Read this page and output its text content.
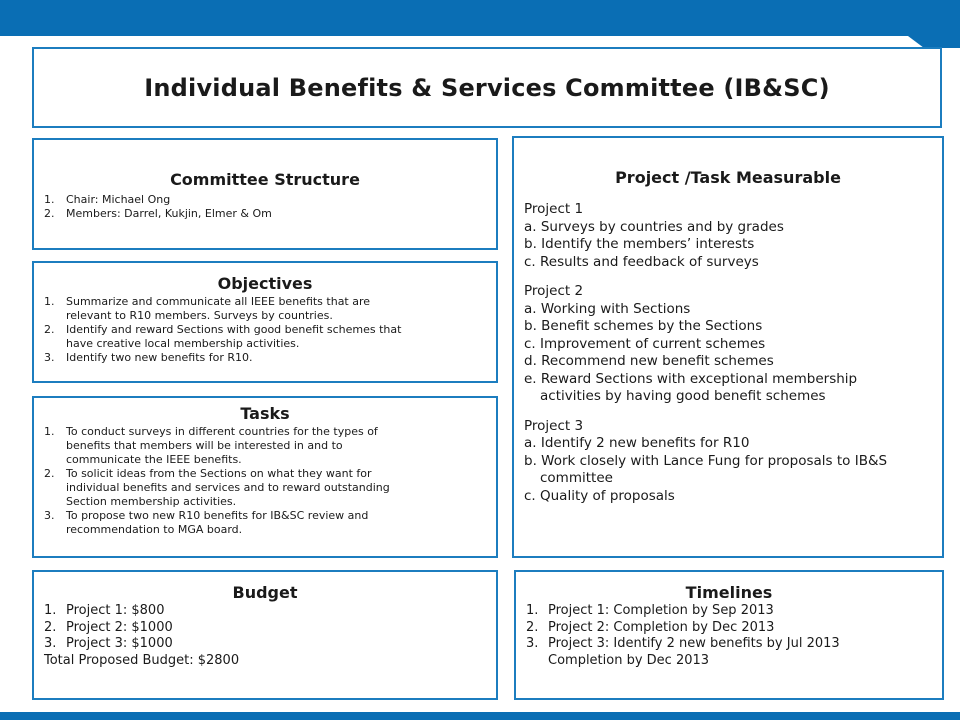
Individual Benefits & Services Committee (IB&SC)

Committee Structure

1.	Chair: Michael Ong
2.	Members: Darrel, Kukjin, Elmer & Om

Objectives

1.	Summarize and communicate all IEEE benefits that are
relevant to R10 members. Surveys by countries.
2.	Identify and reward Sections with good benefit schemes that
have creative local membership activities.
3.	Identify two new benefits for R10.

Tasks

1.	To conduct surveys in different countries for the types of
benefits that members will be interested in and to
communicate the IEEE benefits.
2.	To solicit ideas from the Sections on what they want for
individual benefits and services and to reward outstanding
Section membership activities.
3.	To propose two new R10 benefits for IB&SC review and
recommendation to MGA board.

Project /Task Measurable

Project 1
a. Surveys by countries and by grades
b. Identify the members’ interests
c. Results and feedback of surveys
Project 2
a. Working with Sections
b. Benefit schemes by the Sections
c. Improvement of current schemes
d. Recommend new benefit schemes
e. Reward Sections with exceptional membership
activities by having good benefit schemes
Project 3
a. Identify 2 new benefits for R10
b. Work closely with Lance Fung for proposals to IB&S
committee
c. Quality of proposals

Budget

1. Project 1: $800
2. Project 2: $1000
3. Project 3: $1000
Total Proposed Budget: $2800

Timelines

1. Project 1: Completion by Sep 2013
2. Project 2: Completion by Dec 2013
3. Project 3: Identify 2 new benefits by Jul 2013
Completion by Dec 2013
